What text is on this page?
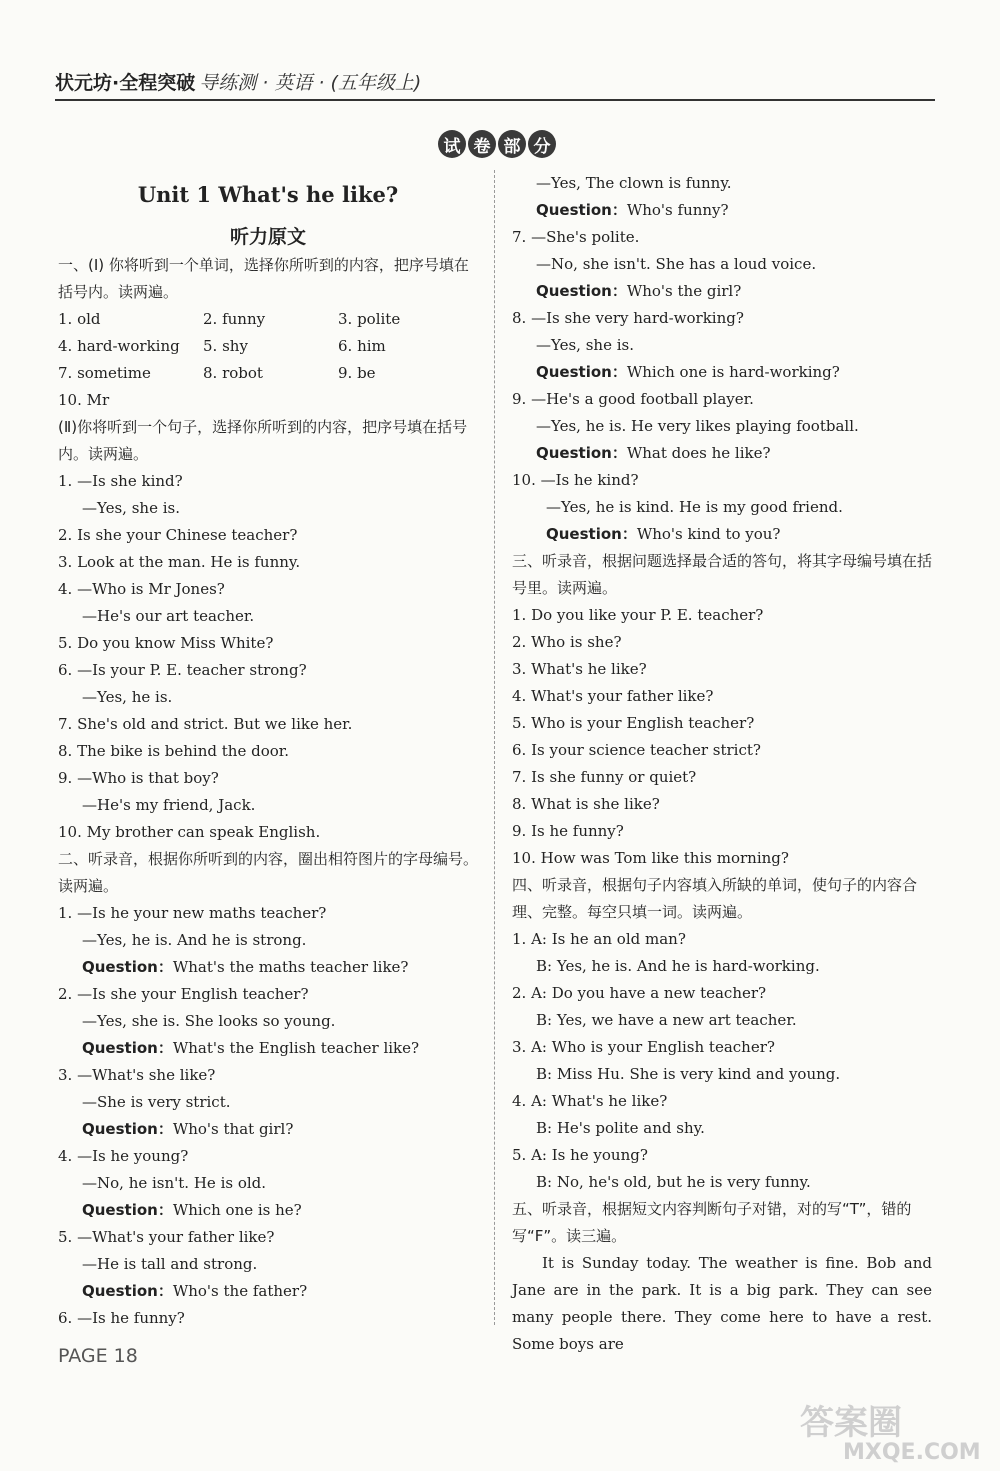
状元坊·全程突破 导练测 · 英语 · (五年级上)
试 卷 部 分
Unit 1 What's he like?
听力原文
一、(Ⅰ) 你将听到一个单词，选择你所听到的内容，把序号填在括号内。读两遍。
1. old	2. funny	3. polite
4. hard-working	5. shy	6. him
7. sometime	8. robot	9. be
10. Mr
(Ⅱ)你将听到一个句子，选择你所听到的内容，把序号填在括号内。读两遍。
1. —Is she kind?
—Yes, she is.
2. Is she your Chinese teacher?
3. Look at the man. He is funny.
4. —Who is Mr Jones?
—He's our art teacher.
5. Do you know Miss White?
6. —Is your P. E. teacher strong?
—Yes, he is.
7. She's old and strict. But we like her.
8. The bike is behind the door.
9. —Who is that boy?
—He's my friend, Jack.
10. My brother can speak English.
二、听录音，根据你所听到的内容，圈出相符图片的字母编号。读两遍。
1. —Is he your new maths teacher?
—Yes, he is. And he is strong.
Question：What's the maths teacher like?
2. —Is she your English teacher?
—Yes, she is. She looks so young.
Question：What's the English teacher like?
3. —What's she like?
—She is very strict.
Question：Who's that girl?
4. —Is he young?
—No, he isn't. He is old.
Question：Which one is he?
5. —What's your father like?
—He is tall and strong.
Question：Who's the father?
6. —Is he funny?
—Yes, The clown is funny.
Question：Who's funny?
7. —She's polite.
—No, she isn't. She has a loud voice.
Question：Who's the girl?
8. —Is she very hard-working?
—Yes, she is.
Question：Which one is hard-working?
9. —He's a good football player.
—Yes, he is. He very likes playing football.
Question：What does he like?
10. —Is he kind?
—Yes, he is kind. He is my good friend.
Question：Who's kind to you?
三、听录音，根据问题选择最合适的答句，将其字母编号填在括号里。读两遍。
1. Do you like your P. E. teacher?
2. Who is she?
3. What's he like?
4. What's your father like?
5. Who is your English teacher?
6. Is your science teacher strict?
7. Is she funny or quiet?
8. What is she like?
9. Is he funny?
10. How was Tom like this morning?
四、听录音，根据句子内容填入所缺的单词，使句子的内容合理、完整。每空只填一词。读两遍。
1. A: Is he an old man?
B: Yes, he is. And he is hard-working.
2. A: Do you have a new teacher?
B: Yes, we have a new art teacher.
3. A: Who is your English teacher?
B: Miss Hu. She is very kind and young.
4. A: What's he like?
B: He's polite and shy.
5. A: Is he young?
B: No, he's old, but he is very funny.
五、听录音，根据短文内容判断句子对错，对的写“T”，错的写“F”。读三遍。
It is Sunday today. The weather is fine. Bob and Jane are in the park. It is a big park. They can see many people there. They come here to have a rest. Some boys are
PAGE 18
答案圈
MXQE.COM
